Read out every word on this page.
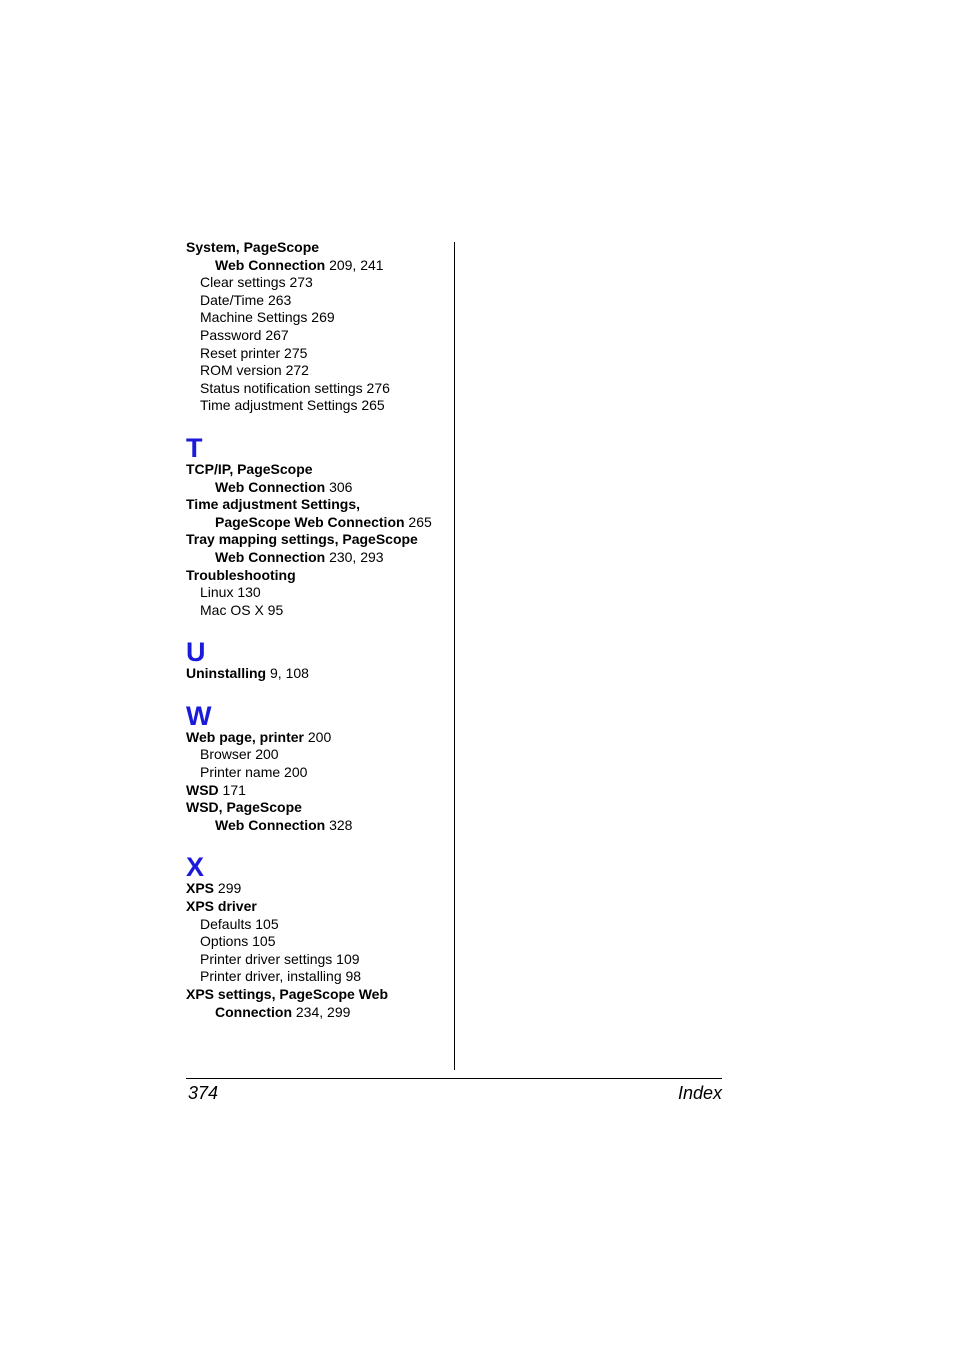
System, PageScope
Web Connection 209, 241
Clear settings 273
Date/Time 263
Machine Settings 269
Password 267
Reset printer 275
ROM version 272
Status notification settings 276
Time adjustment Settings 265
T
TCP/IP, PageScope
Web Connection 306
Time adjustment Settings,
PageScope Web Connection 265
Tray mapping settings, PageScope
Web Connection 230, 293
Troubleshooting
Linux 130
Mac OS X 95
U
Uninstalling 9, 108
W
Web page, printer 200
Browser 200
Printer name 200
WSD 171
WSD, PageScope
Web Connection 328
X
XPS 299
XPS driver
Defaults 105
Options 105
Printer driver settings 109
Printer driver, installing 98
XPS settings, PageScope Web
Connection 234, 299
374	Index
